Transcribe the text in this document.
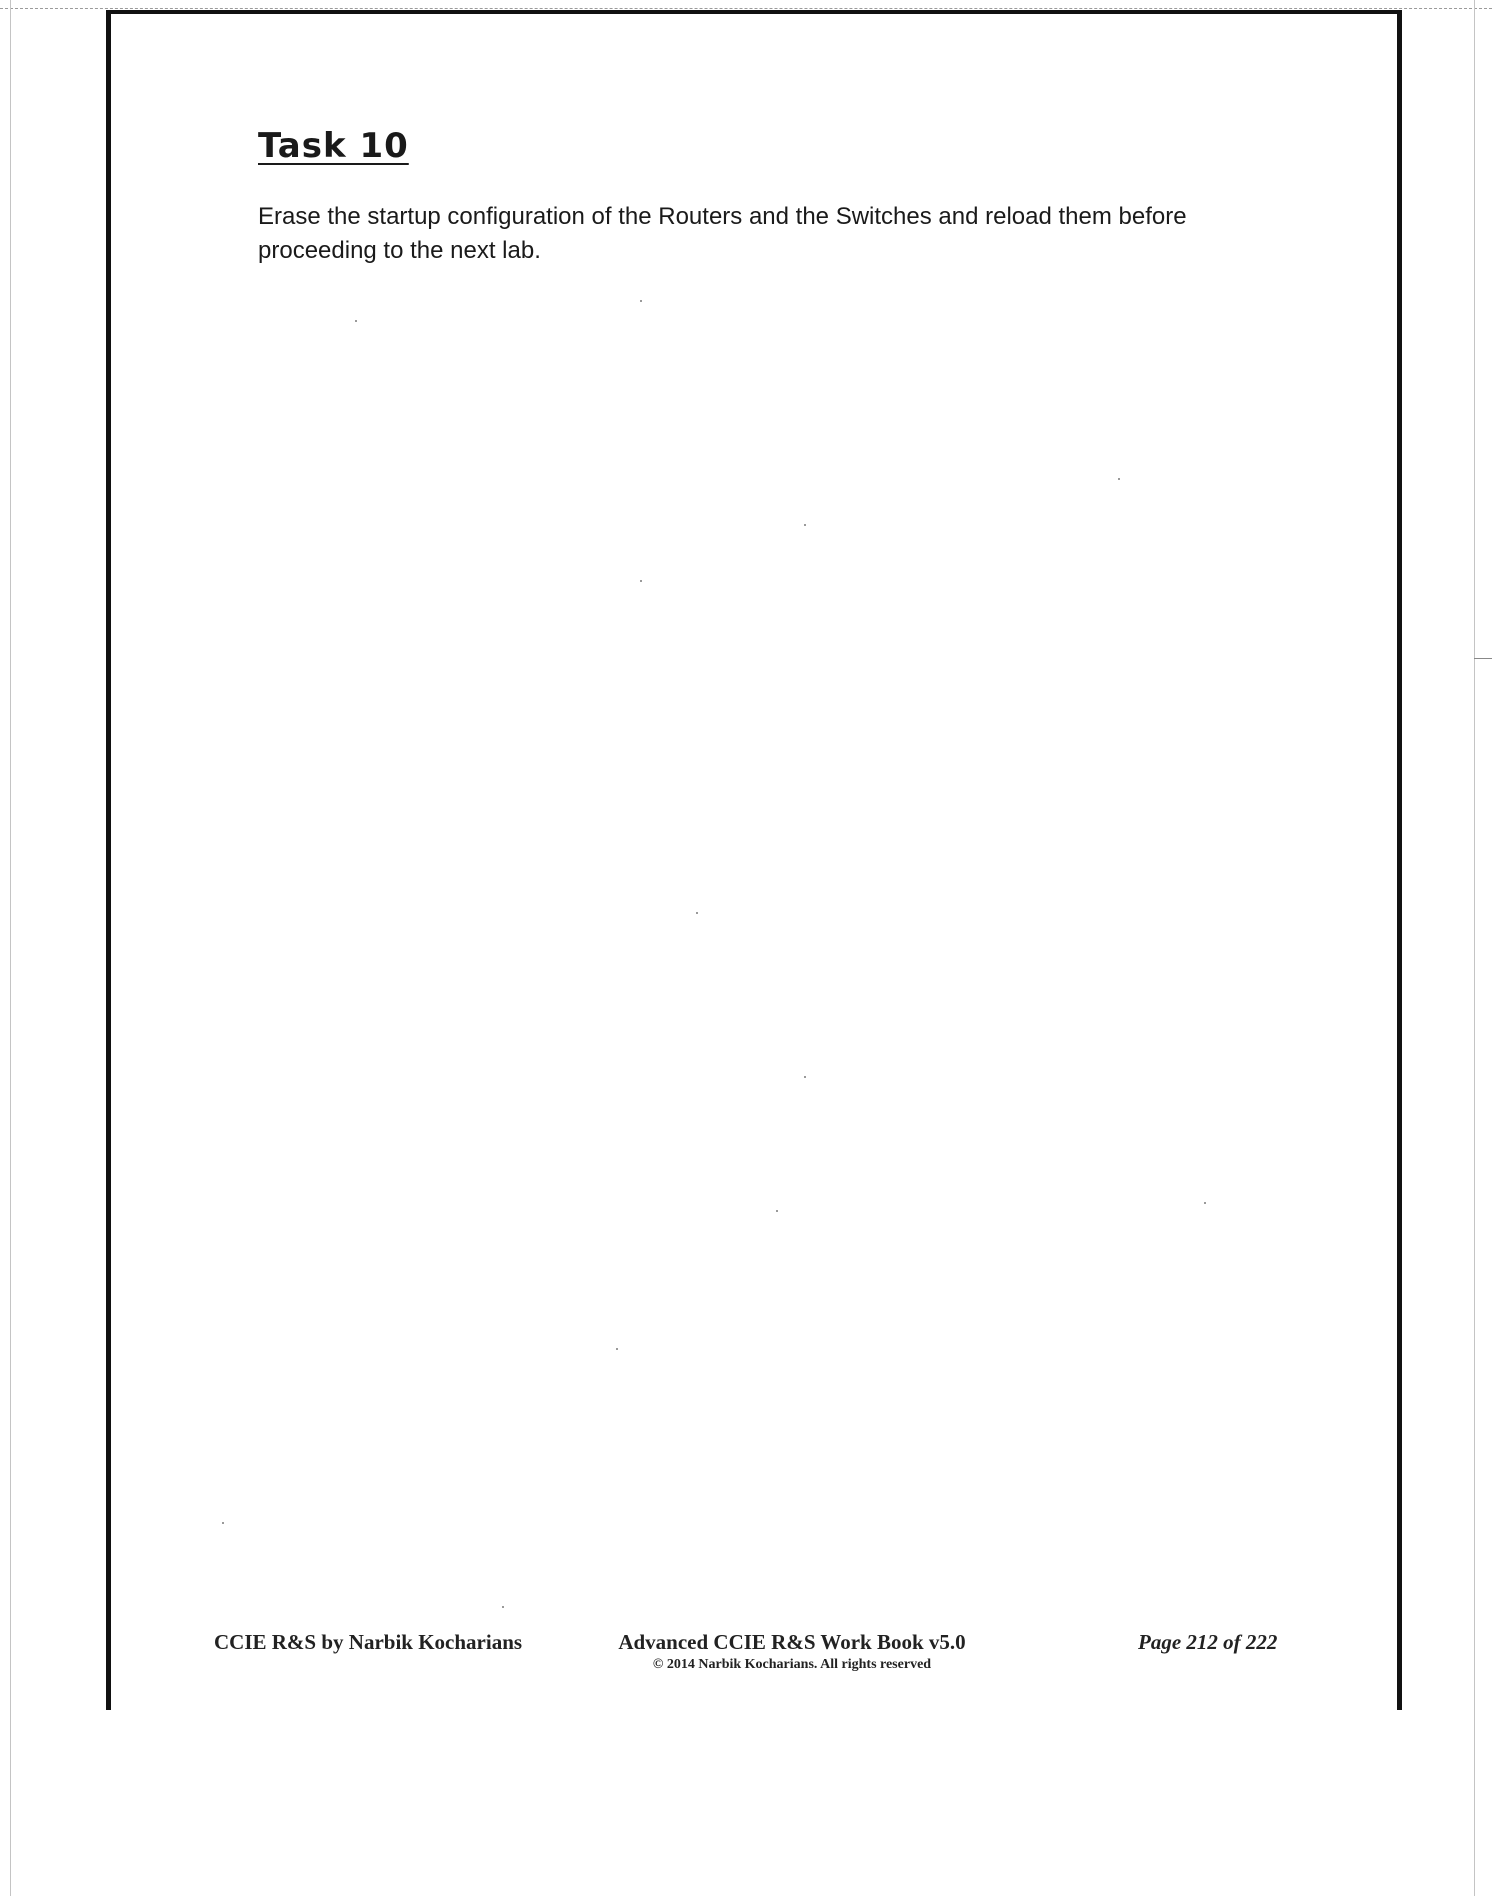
Task 10

Erase the startup configuration of the Routers and the Switches and reload them before proceeding to the next lab.

CCIE R&S by Narbik Kocharians	Advanced CCIE R&S Work Book v5.0
© 2014 Narbik Kocharians. All rights reserved
Page 212 of 222
